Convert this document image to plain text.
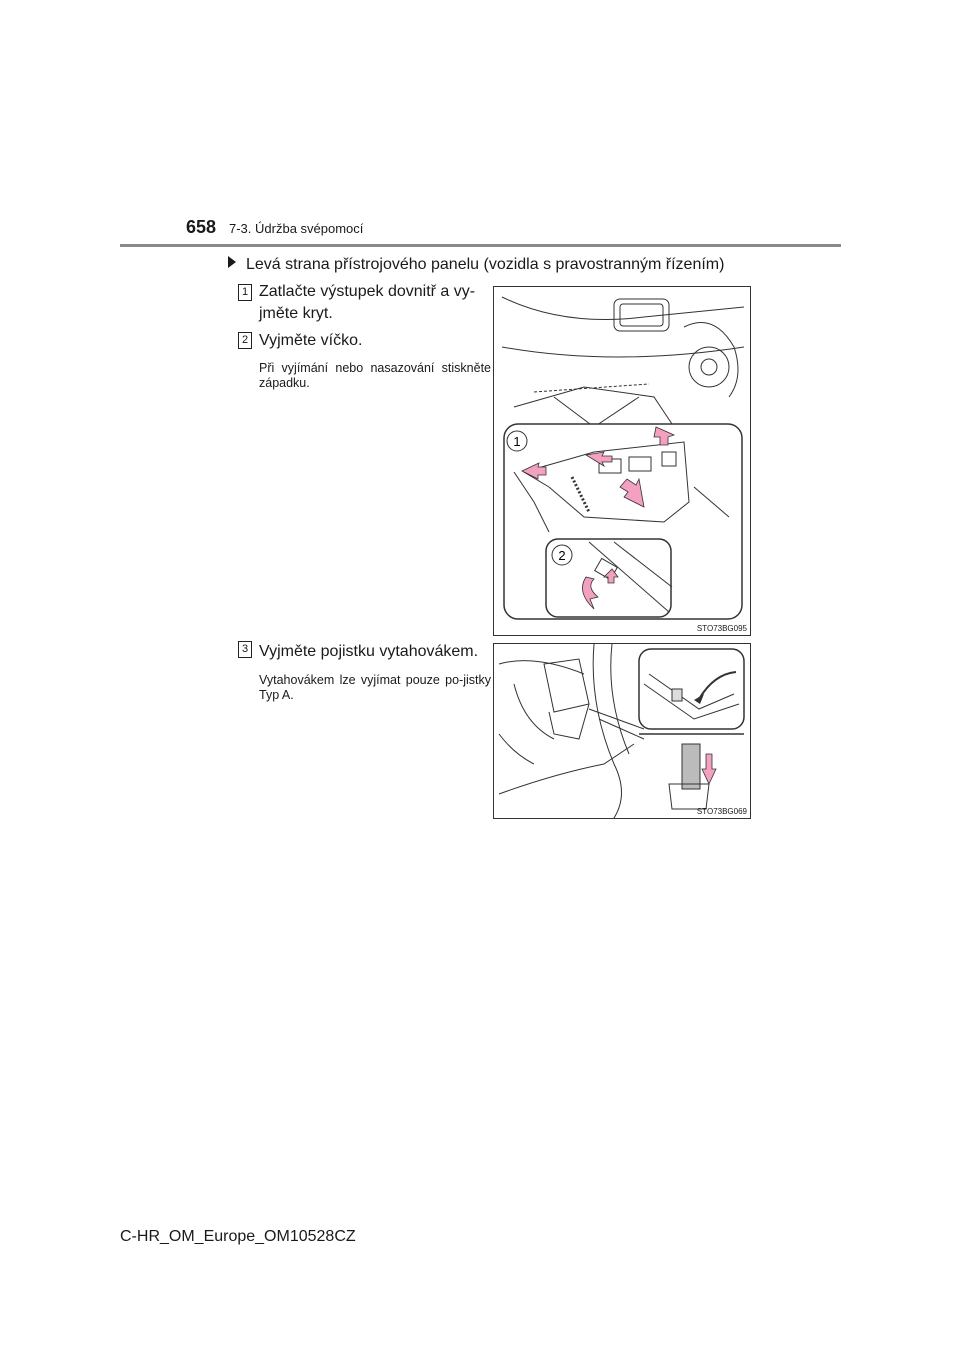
658 7-3. Údržba svépomocí
Levá strana přístrojového panelu (vozidla s pravostranným řízením)
1 Zatlačte výstupek dovnitř a vy-jměte kryt.
2 Vyjměte víčko.
Při vyjímání nebo nasazování stiskněte západku.
1
2
STO73BG095
3 Vyjměte pojistku vytahovákem.
Vytahovákem lze vyjímat pouze po-jistky Typ A.
STO73BG069
C-HR_OM_Europe_OM10528CZ
